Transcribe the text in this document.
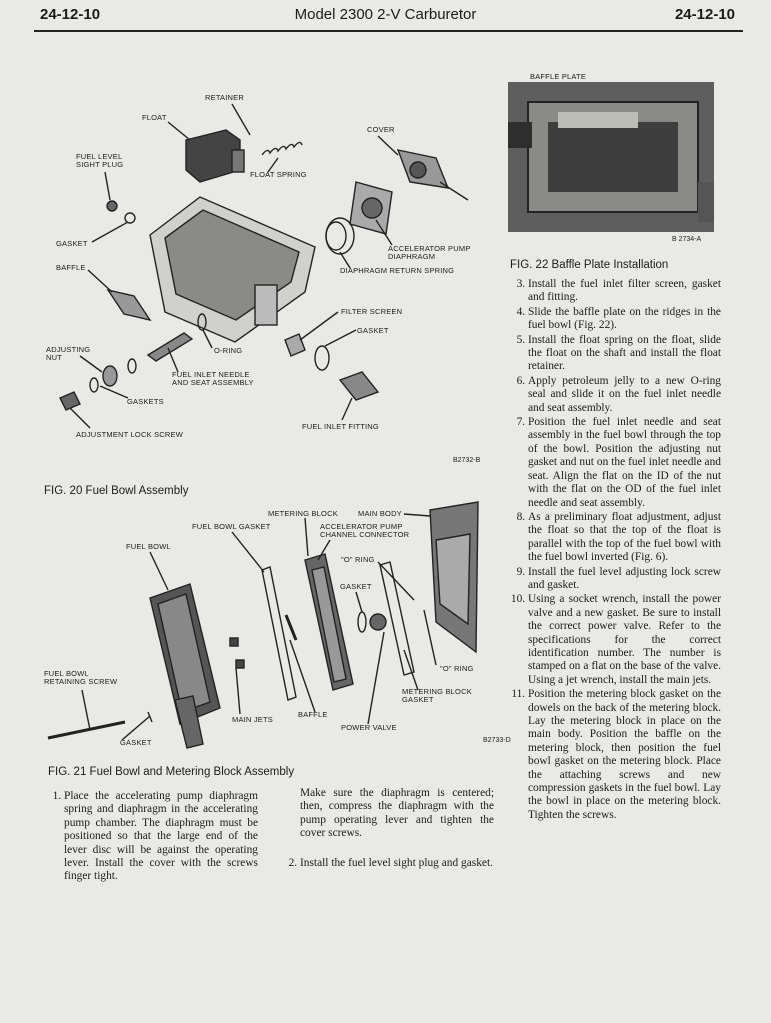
24-12-10	Model 2300 2-V Carburetor	24-12-10
RETAINER
FLOAT
COVER
FUEL LEVEL
SIGHT PLUG
FLOAT SPRING
GASKET
ACCELERATOR PUMP
DIAPHRAGM
DIAPHRAGM RETURN SPRING
BAFFLE
FILTER SCREEN
GASKET
ADJUSTING
NUT
O-RING
FUEL INLET NEEDLE
AND SEAT ASSEMBLY
GASKETS
FUEL INLET FITTING
ADJUSTMENT LOCK SCREW
B2732-B
FIG. 20 Fuel Bowl Assembly
METERING BLOCK	MAIN BODY
FUEL BOWL GASKET	ACCELERATOR PUMP
CHANNEL CONNECTOR
FUEL BOWL
"O" RING
GASKET
"O" RING
FUEL BOWL
RETAINING SCREW
METERING BLOCK
GASKET
MAIN JETS
BAFFLE
POWER VALVE
GASKET	B2733-D
FIG. 21 Fuel Bowl and Metering Block Assembly
BAFFLE PLATE
B 2734-A
FIG. 22 Baffle Plate Installation
3. Install the fuel inlet filter screen, gasket and fitting.
4. Slide the baffle plate on the ridges in the fuel bowl (Fig. 22).
5. Install the float spring on the float, slide the float on the shaft and install the float retainer.
6. Apply petroleum jelly to a new O-ring seal and slide it on the fuel inlet needle and seat assembly.
7. Position the fuel inlet needle and seat assembly in the fuel bowl through the top of the bowl. Position the adjusting nut gasket and nut on the fuel inlet needle and seat. Align the flat on the ID of the nut with the flat on the OD of the fuel inlet needle and seat assembly.
8. As a preliminary float adjustment, adjust the float so that the top of the float is parallel with the top of the fuel bowl with the fuel bowl inverted (Fig. 6).
9. Install the fuel level adjusting lock screw and gasket.
10. Using a socket wrench, install the power valve and a new gasket. Be sure to install the correct power valve. Refer to the specifications for the correct identification number. The number is stamped on a flat on the base of the valve. Using a jet wrench, install the main jets.
11. Position the metering block gasket on the dowels on the back of the metering block. Lay the metering block in place on the main body. Position the baffle on the metering block, then position the fuel bowl gasket on the metering block. Place the attaching screws and new compression gaskets in the fuel bowl. Lay the bowl in place on the metering block. Tighten the screws.
1. Place the accelerating pump diaphragm spring and diaphragm in the accelerating pump chamber. The diaphragm must be positioned so that the large end of the lever disc will be against the operating lever. Install the cover with the screws finger tight.
Make sure the diaphragm is centered; then, compress the diaphragm with the pump operating lever and tighten the cover screws.
2. Install the fuel level sight plug and gasket.
